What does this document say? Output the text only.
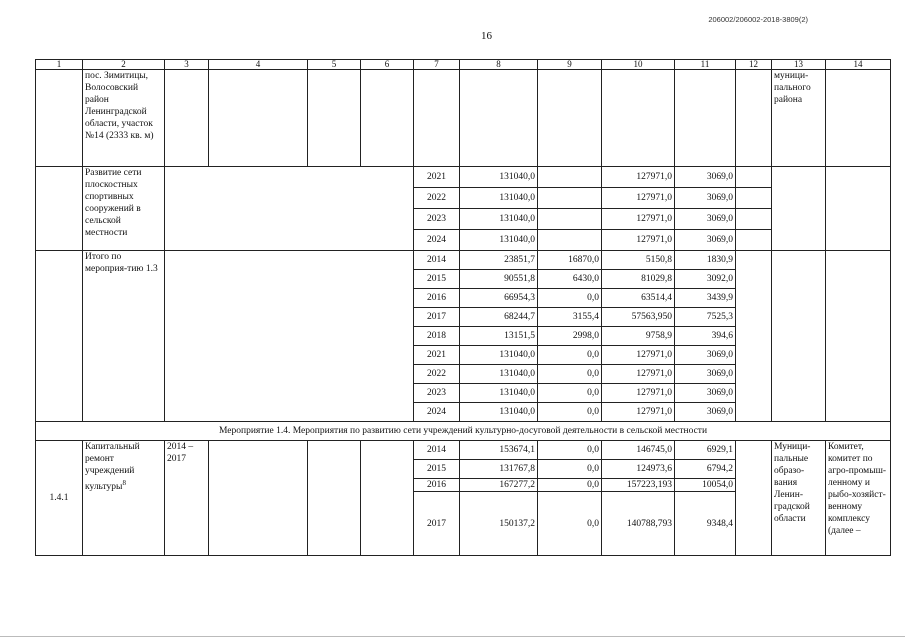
206002/206002-2018-3809(2)
16
1	2	3	4	5	6	7	8	9	10	11	12	13	14
	пос. Зимитицы, Волосовский район Ленинградской области, участок №14 (2333 кв. м)											муници-пального района	
	Развитие сети плоскостных спортивных сооружений в сельской местности					2021	131040,0		127971,0	3069,0			
						2022	131040,0		127971,0	3069,0			
						2023	131040,0		127971,0	3069,0			
						2024	131040,0		127971,0	3069,0			
	Итого по мероприя-тию 1.3					2014	23851,7	16870,0	5150,8	1830,9			
						2015	90551,8	6430,0	81029,8	3092,0			
						2016	66954,3	0,0	63514,4	3439,9			
						2017	68244,7	3155,4	57563,950	7525,3			
						2018	13151,5	2998,0	9758,9	394,6			
						2021	131040,0	0,0	127971,0	3069,0			
						2022	131040,0	0,0	127971,0	3069,0			
						2023	131040,0	0,0	127971,0	3069,0			
						2024	131040,0	0,0	127971,0	3069,0			
Мероприятие 1.4. Мероприятия по развитию сети учреждений культурно-досуговой деятельности в сельской местности													
1.4.1	Капитальный ремонт учреждений культуры$^8$	2014 – 2017				2014	153674,1	0,0	146745,0	6929,1		Муници-пальные образо-вания Ленин-градской области	Комитет, комитет по агро-промыш-ленному и рыбо-хозяйст-венному комплексу (далее –
						2015	131767,8	0,0	124973,6	6794,2			
						2016	167277,2	0,0	157223,193	10054,0			
						2017	150137,2	0,0	140788,793	9348,4			
